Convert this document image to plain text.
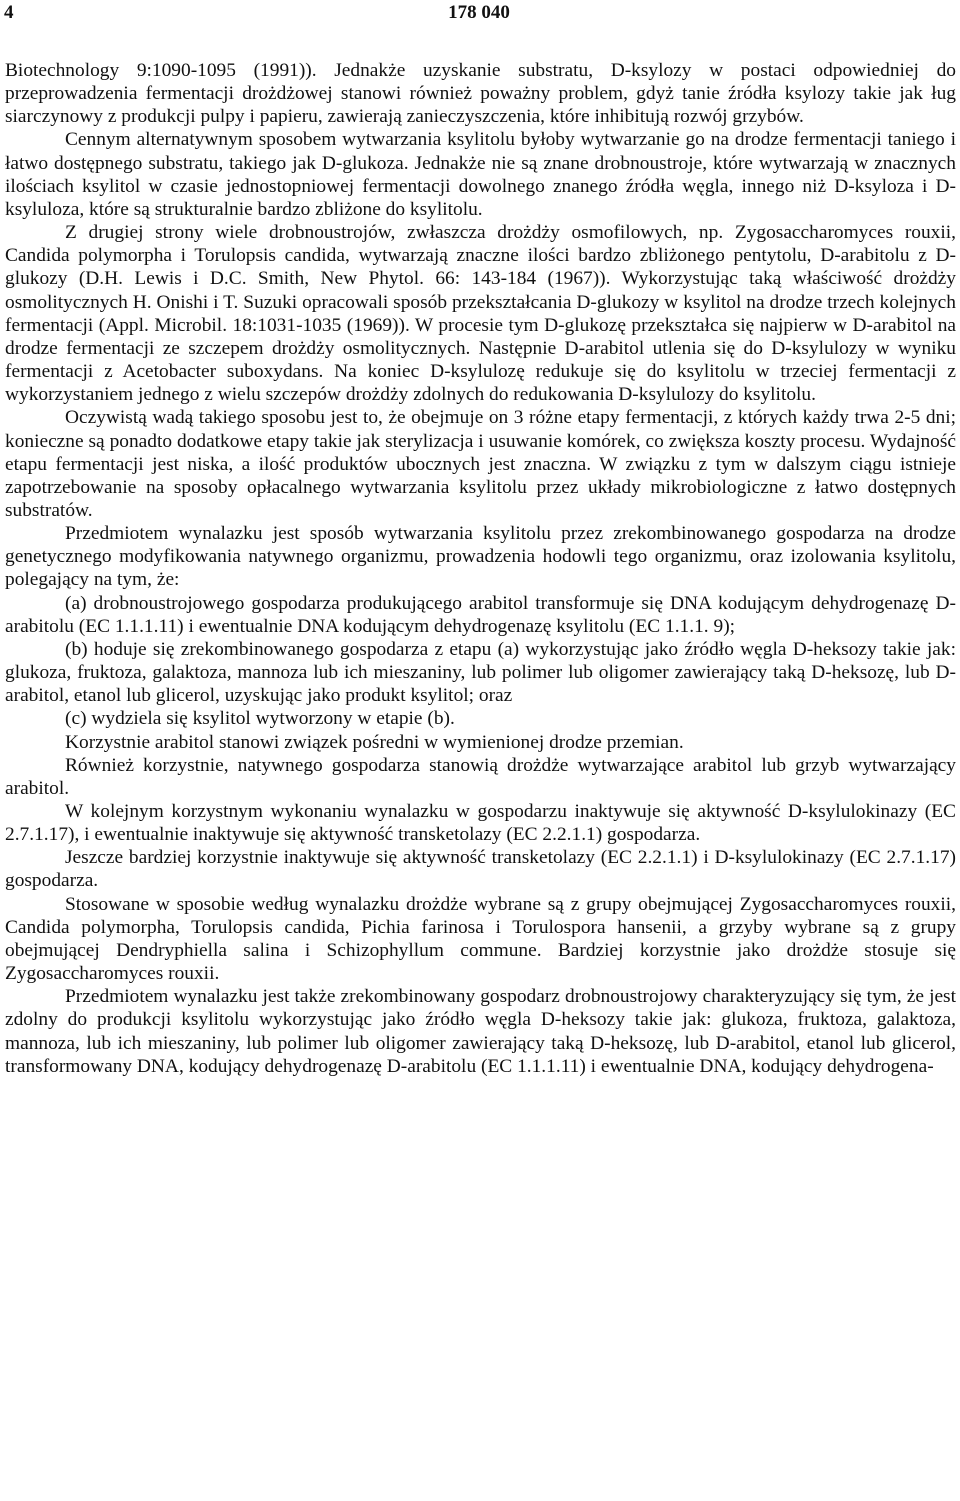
4	178 040

Biotechnology 9:1090-1095 (1991)). Jednakże uzyskanie substratu, D-ksylozy w postaci odpowiedniej do przeprowadzenia fermentacji drożdżowej stanowi również poważny problem, gdyż tanie źródła ksylozy takie jak ług siarczynowy z produkcji pulpy i papieru, zawierają zanieczyszczenia, które inhibitują rozwój grzybów.

Cennym alternatywnym sposobem wytwarzania ksylitolu byłoby wytwarzanie go na drodze fermentacji taniego i łatwo dostępnego substratu, takiego jak D-glukoza. Jednakże nie są znane drobnoustroje, które wytwarzają w znacznych ilościach ksylitol w czasie jednostopniowej fermentacji dowolnego znanego źródła węgla, innego niż D-ksyloza i D-ksyluloza, które są strukturalnie bardzo zbliżone do ksylitolu.

Z drugiej strony wiele drobnoustrojów, zwłaszcza drożdży osmofilowych, np. Zygosaccharomyces rouxii, Candida polymorpha i Torulopsis candida, wytwarzają znaczne ilości bardzo zbliżonego pentytolu, D-arabitolu z D-glukozy (D.H. Lewis i D.C. Smith, New Phytol. 66: 143-184 (1967)). Wykorzystując taką właściwość drożdży osmolitycznych H. Onishi i T. Suzuki opracowali sposób przekształcania D-glukozy w ksylitol na drodze trzech kolejnych fermentacji (Appl. Microbil. 18:1031-1035 (1969)). W procesie tym D-glukozę przekształca się najpierw w D-arabitol na drodze fermentacji ze szczepem drożdży osmolitycznych. Następnie D-arabitol utlenia się do D-ksylulozy w wyniku fermentacji z Acetobacter suboxydans. Na koniec D-ksylulozę redukuje się do ksylitolu w trzeciej fermentacji z wykorzystaniem jednego z wielu szczepów drożdży zdolnych do redukowania D-ksylulozy do ksylitolu.

Oczywistą wadą takiego sposobu jest to, że obejmuje on 3 różne etapy fermentacji, z których każdy trwa 2-5 dni; konieczne są ponadto dodatkowe etapy takie jak sterylizacja i usuwanie komórek, co zwiększa koszty procesu. Wydajność etapu fermentacji jest niska, a ilość produktów ubocznych jest znaczna. W związku z tym w dalszym ciągu istnieje zapotrzebowanie na sposoby opłacalnego wytwarzania ksylitolu przez układy mikrobiologiczne z łatwo dostępnych substratów.

Przedmiotem wynalazku jest sposób wytwarzania ksylitolu przez zrekombinowanego gospodarza na drodze genetycznego modyfikowania natywnego organizmu, prowadzenia hodowli tego organizmu, oraz izolowania ksylitolu, polegający na tym, że:

(a) drobnoustrojowego gospodarza produkującego arabitol transformuje się DNA kodującym dehydrogenazę D-arabitolu (EC 1.1.1.11) i ewentualnie DNA kodującym dehydrogenazę ksylitolu (EC 1.1.1. 9);

(b) hoduje się zrekombinowanego gospodarza z etapu (a) wykorzystując jako źródło węgla D-heksozy takie jak: glukoza, fruktoza, galaktoza, mannoza lub ich mieszaniny, lub polimer lub oligomer zawierający taką D-heksozę, lub D-arabitol, etanol lub glicerol, uzyskując jako produkt ksylitol; oraz

(c) wydziela się ksylitol wytworzony w etapie (b).

Korzystnie arabitol stanowi związek pośredni w wymienionej drodze przemian.

Również korzystnie, natywnego gospodarza stanowią drożdże wytwarzające arabitol lub grzyb wytwarzający arabitol.

W kolejnym korzystnym wykonaniu wynalazku w gospodarzu inaktywuje się aktywność D-ksylulokinazy (EC 2.7.1.17), i ewentualnie inaktywuje się aktywność transketolazy (EC 2.2.1.1) gospodarza.

Jeszcze bardziej korzystnie inaktywuje się aktywność transketolazy (EC 2.2.1.1) i D-ksylulokinazy (EC 2.7.1.17) gospodarza.

Stosowane w sposobie według wynalazku drożdże wybrane są z grupy obejmującej Zygosaccharomyces rouxii, Candida polymorpha, Torulopsis candida, Pichia farinosa i Torulospora hansenii, a grzyby wybrane są z grupy obejmującej Dendryphiella salina i Schizophyllum commune. Bardziej korzystnie jako drożdże stosuje się Zygosaccharomyces rouxii.

Przedmiotem wynalazku jest także zrekombinowany gospodarz drobnoustrojowy charakteryzujący się tym, że jest zdolny do produkcji ksylitolu wykorzystując jako źródło węgla D-heksozy takie jak: glukoza, fruktoza, galaktoza, mannoza, lub ich mieszaniny, lub polimer lub oligomer zawierający taką D-heksozę, lub D-arabitol, etanol lub glicerol, transformowany DNA, kodujący dehydrogenazę D-arabitolu (EC 1.1.1.11) i ewentualnie DNA, kodujący dehydrogena-
